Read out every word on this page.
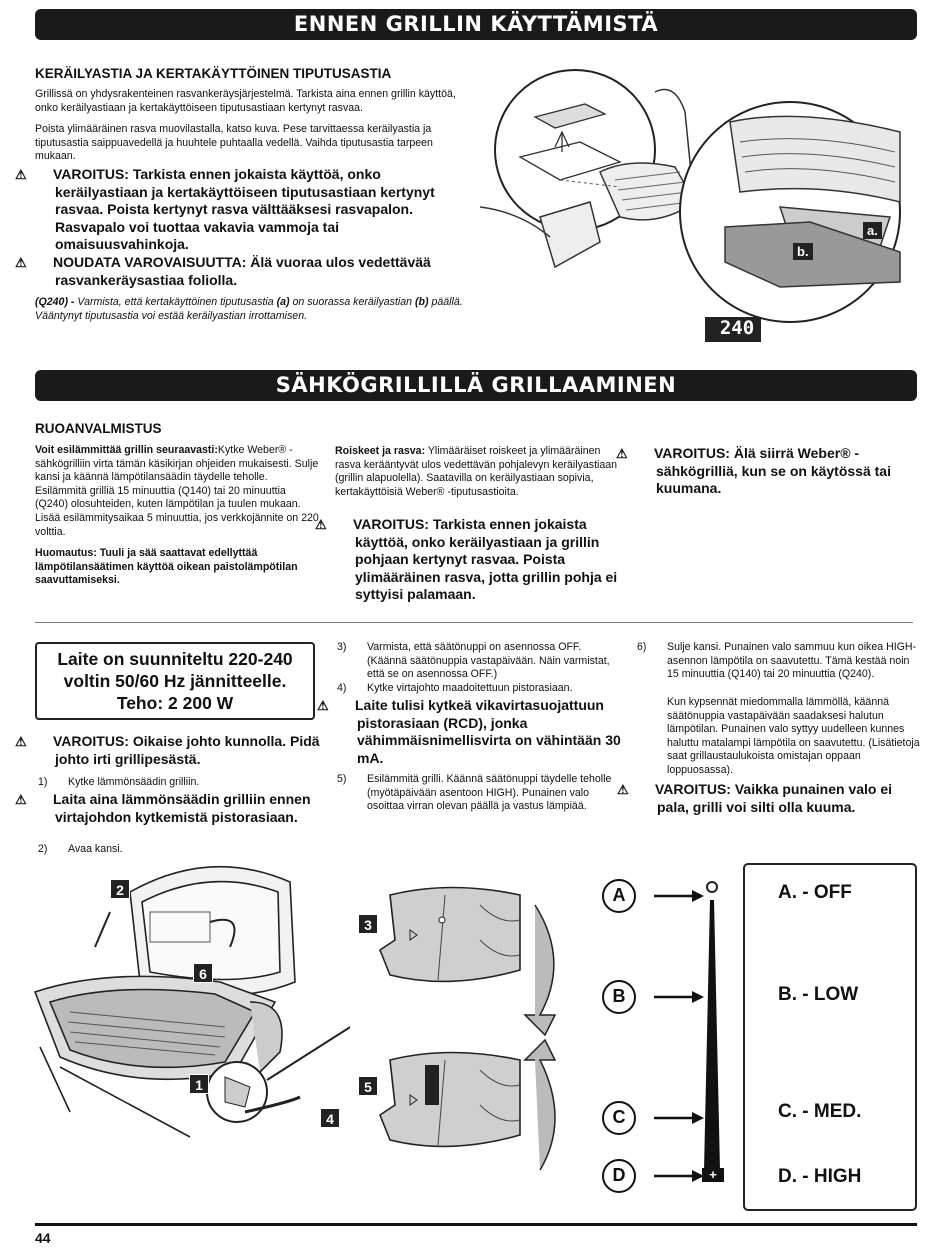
ENNEN GRILLIN KÄYTTÄMISTÄ
KERÄILYASTIA JA KERTAKÄYTTÖINEN TIPUTUSASTIA
Grillissä on yhdysrakenteinen rasvankeräysjärjestelmä. Tarkista aina ennen grillin käyttöä, onko keräilyastiaan ja kertakäyttöiseen tiputusastiaan kertynyt rasvaa.
Poista ylimääräinen rasva muovilastalla, katso kuva. Pese tarvittaessa keräilyastia ja tiputusastia saippuavedellä ja huuhtele puhtaalla vedellä. Vaihda tiputusastia tarpeen mukaan.
⚠ VAROITUS: Tarkista ennen jokaista käyttöä, onko keräilyastiaan ja kertakäyttöiseen tiputusastiaan kertynyt rasvaa. Poista kertynyt rasva välttääksesi rasvapalon. Rasvapalo voi tuottaa vakavia vammoja tai omaisuusvahinkoja.
⚠ NOUDATA VAROVAISUUTTA: Älä vuoraa ulos vedettävää rasvankeräysastiaa foliolla.
(Q240) - Varmista, että kertakäyttöinen tiputusastia (a) on suorassa keräilyastian (b) päällä. Vääntynyt tiputusastia voi estää keräilyastian irrottamisen.
a.
b.
240
SÄHKÖGRILLILLÄ GRILLAAMINEN
RUOANVALMISTUS
Voit esilämmittää grillin seuraavasti:Kytke Weber® -sähkögrilliin virta tämän käsikirjan ohjeiden mukaisesti. Sulje kansi ja käännä lämpötilansäädin täydelle teholle. Esilämmitä grilliä 15 minuuttia (Q140) tai 20 minuuttia (Q240) olosuhteiden, kuten lämpötilan ja tuulen mukaan. Lisää esilämmitysaikaa 5 minuuttia, jos verkkojännite on 220 volttia.
Huomautus: Tuuli ja sää saattavat edellyttää lämpötilansäätimen käyttöä oikean paistolämpötilan saavuttamiseksi.
Roiskeet ja rasva: Ylimääräiset roiskeet ja ylimääräinen rasva kerääntyvät ulos vedettävän pohjalevyn keräilyastiaan (grillin alapuolella). Saatavilla on keräilyastiaan sopivia, kertakäyttöisiä Weber® -tiputusastioita.
⚠ VAROITUS: Tarkista ennen jokaista käyttöä, onko keräilyastiaan ja grillin pohjaan kertynyt rasvaa. Poista ylimääräinen rasva, jotta grillin pohja ei syttyisi palamaan.
⚠ VAROITUS: Älä siirrä Weber® -sähkögrilliä, kun se on käytössä tai kuumana.
Laite on suunniteltu 220-240 voltin 50/60 Hz jännitteelle. Teho: 2 200 W
⚠ VAROITUS: Oikaise johto kunnolla. Pidä johto irti grillipesästä.
1)	Kytke lämmönsäädin grilliin.
⚠ Laita aina lämmönsäädin grilliin ennen virtajohdon kytkemistä pistorasiaan.
2)	Avaa kansi.
3)	Varmista, että säätönuppi on asennossa OFF. (Käännä säätönuppia vastapäivään. Näin varmistat, että se on asennossa OFF.)
4)	Kytke virtajohto maadoitettuun pistorasiaan.
⚠ Laite tulisi kytkeä vikavirtasuojattuun pistorasiaan (RCD), jonka vähimmäisnimellisvirta on vähintään 30 mA.
5)	Esilämmitä grilli. Käännä säätönuppi täydelle teholle (myötäpäivään asentoon HIGH). Punainen valo osoittaa virran olevan päällä ja vastus lämpiää.
6)	Sulje kansi. Punainen valo sammuu kun oikea HIGH-asennon lämpötila on saavutettu. Tämä kestää noin 15 minuuttia (Q140) tai 20 minuuttia (Q240).
Kun kypsennät miedommalla lämmöllä, käännä säätönuppia vastapäivään saadaksesi halutun lämpötilan. Punainen valo syttyy uudelleen kunnes haluttu matalampi lämpötila on saavutettu. (Lisätietoja saat grillaustaulukoista omistajan oppaan loppuosassa).
⚠ VAROITUS: Vaikka punainen valo ei pala, grilli voi silti olla kuuma.
2
6
1
4
3
5
+
A
B
C
D
A. - OFF
B. - LOW
C. - MED.
D. - HIGH
44
